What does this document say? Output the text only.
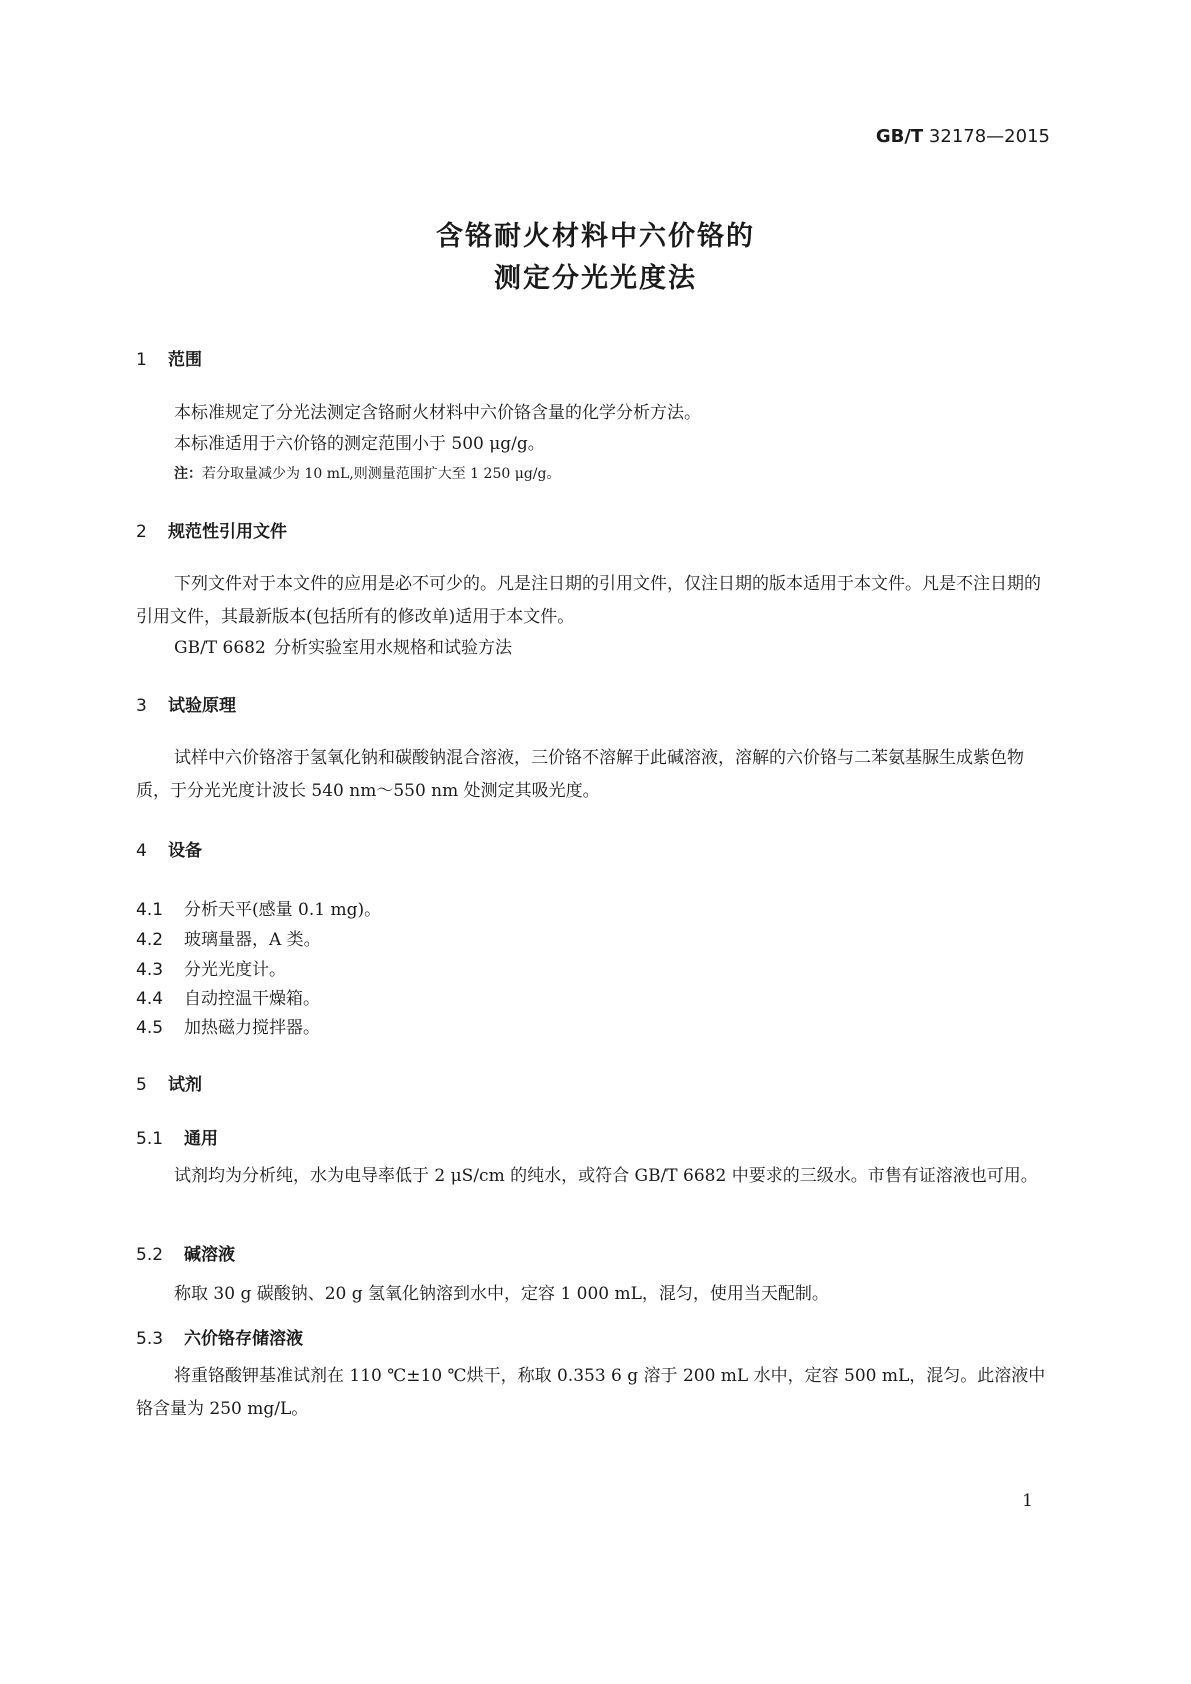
GB/T 32178—2015
含铬耐火材料中六价铬的
测定分光光度法
1 范围
本标准规定了分光法测定含铬耐火材料中六价铬含量的化学分析方法。
本标准适用于六价铬的测定范围小于 500 μg/g。
注：若分取量减少为 10 mL,则测量范围扩大至 1 250 μg/g。
2 规范性引用文件
下列文件对于本文件的应用是必不可少的。凡是注日期的引用文件，仅注日期的版本适用于本文件。凡是不注日期的引用文件，其最新版本(包括所有的修改单)适用于本文件。
GB/T 6682 分析实验室用水规格和试验方法
3 试验原理
试样中六价铬溶于氢氧化钠和碳酸钠混合溶液，三价铬不溶解于此碱溶液，溶解的六价铬与二苯氨基脲生成紫色物质，于分光光度计波长 540 nm～550 nm 处测定其吸光度。
4 设备
4.1 分析天平(感量 0.1 mg)。
4.2 玻璃量器，A 类。
4.3 分光光度计。
4.4 自动控温干燥箱。
4.5 加热磁力搅拌器。
5 试剂
5.1 通用
试剂均为分析纯，水为电导率低于 2 μS/cm 的纯水，或符合 GB/T 6682 中要求的三级水。市售有证溶液也可用。
5.2 碱溶液
称取 30 g 碳酸钠、20 g 氢氧化钠溶到水中，定容 1 000 mL，混匀，使用当天配制。
5.3 六价铬存储溶液
将重铬酸钾基准试剂在 110 ℃±10 ℃烘干，称取 0.353 6 g 溶于 200 mL 水中，定容 500 mL，混匀。此溶液中铬含量为 250 mg/L。
1
